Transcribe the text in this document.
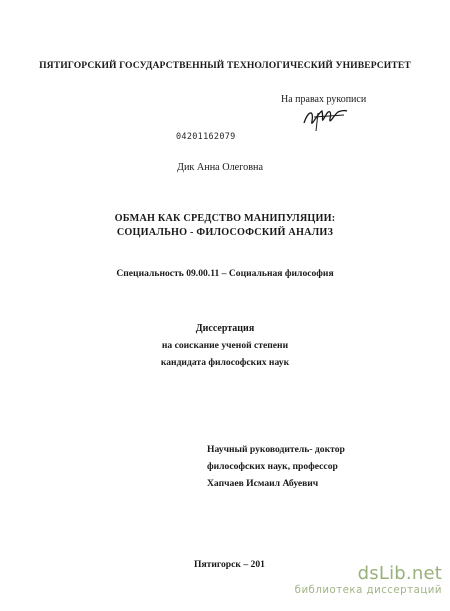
ПЯТИГОРСКИЙ ГОСУДАРСТВЕННЫЙ ТЕХНОЛОГИЧЕСКИЙ УНИВЕРСИТЕТ
На правах рукописи
04201162079
Дик Анна Олеговна
ОБМАН КАК СРЕДСТВО МАНИПУЛЯЦИИ:
СОЦИАЛЬНО - ФИЛОСОФСКИЙ АНАЛИЗ
Специальность 09.00.11 – Социальная философия
Диссертация
на соискание ученой степени
кандидата философских наук
Научный руководитель- доктор
философских наук, профессор
Хапчаев Исмаил Абуевич
Пятигорск – 201	dsLib.net
библиотека диссертаций
